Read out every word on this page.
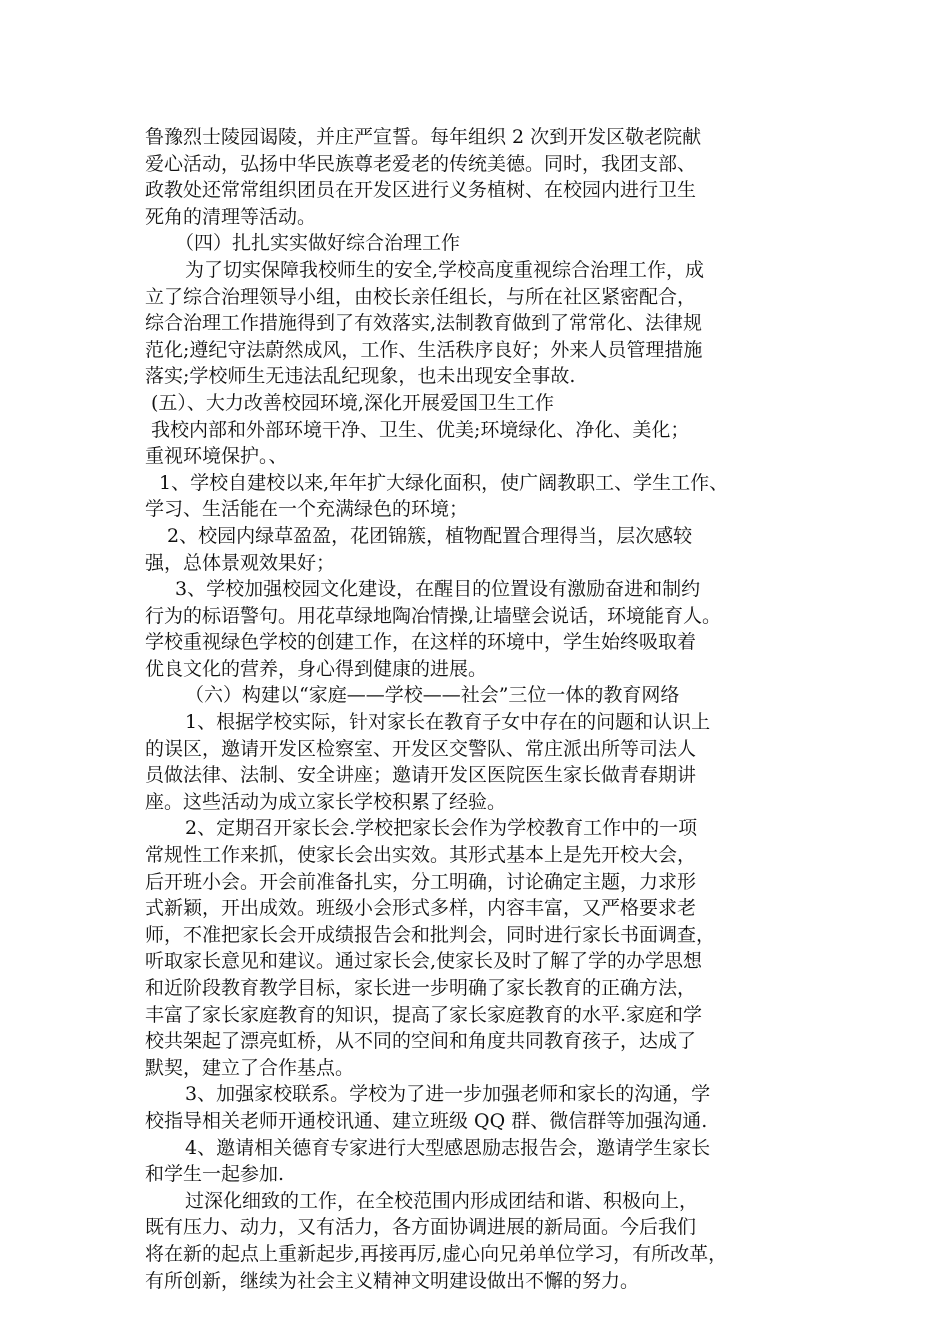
鲁豫烈士陵园谒陵，并庄严宣誓。每年组织 2 次到开发区敬老院献
爱心活动，弘扬中华民族尊老爱老的传统美德。同时，我团支部、
政教处还常常组织团员在开发区进行义务植树、在校园内进行卫生
死角的清理等活动。
（四）扎扎实实做好综合治理工作
为了切实保障我校师生的安全,学校高度重视综合治理工作，成
立了综合治理领导小组，由校长亲任组长，与所在社区紧密配合，
综合治理工作措施得到了有效落实,法制教育做到了常常化、法律规
范化;遵纪守法蔚然成风，工作、生活秩序良好；外来人员管理措施
落实;学校师生无违法乱纪现象，也未出现安全事故.
(五）、大力改善校园环境,深化开展爱国卫生工作
我校内部和外部环境干净、卫生、优美;环境绿化、净化、美化；
重视环境保护。、
1、学校自建校以来,年年扩大绿化面积，使广阔教职工、学生工作、
学习、生活能在一个充满绿色的环境；
2、校园内绿草盈盈，花团锦簇，植物配置合理得当，层次感较
强，总体景观效果好；
3、学校加强校园文化建设，在醒目的位置设有激励奋进和制约
行为的标语警句。用花草绿地陶冶情操,让墙壁会说话，环境能育人。
学校重视绿色学校的创建工作，在这样的环境中，学生始终吸取着
优良文化的营养，身心得到健康的进展。
（六）构建以“家庭——学校——社会”三位一体的教育网络
1、根据学校实际，针对家长在教育子女中存在的问题和认识上
的误区，邀请开发区检察室、开发区交警队、常庄派出所等司法人
员做法律、法制、安全讲座；邀请开发区医院医生家长做青春期讲
座。这些活动为成立家长学校积累了经验。
2、定期召开家长会.学校把家长会作为学校教育工作中的一项
常规性工作来抓，使家长会出实效。其形式基本上是先开校大会，
后开班小会。开会前准备扎实，分工明确，讨论确定主题，力求形
式新颖，开出成效。班级小会形式多样，内容丰富，又严格要求老
师，不准把家长会开成绩报告会和批判会，同时进行家长书面调查，
听取家长意见和建议。通过家长会,使家长及时了解了学的办学思想
和近阶段教育教学目标，家长进一步明确了家长教育的正确方法，
丰富了家长家庭教育的知识，提高了家长家庭教育的水平.家庭和学
校共架起了漂亮虹桥，从不同的空间和角度共同教育孩子，达成了
默契，建立了合作基点。
3、加强家校联系。学校为了进一步加强老师和家长的沟通，学
校指导相关老师开通校讯通、建立班级 QQ 群、微信群等加强沟通.
4、邀请相关德育专家进行大型感恩励志报告会，邀请学生家长
和学生一起参加.
过深化细致的工作，在全校范围内形成团结和谐、积极向上，
既有压力、动力，又有活力，各方面协调进展的新局面。今后我们
将在新的起点上重新起步,再接再厉,虚心向兄弟单位学习，有所改革，
有所创新，继续为社会主义精神文明建设做出不懈的努力。
